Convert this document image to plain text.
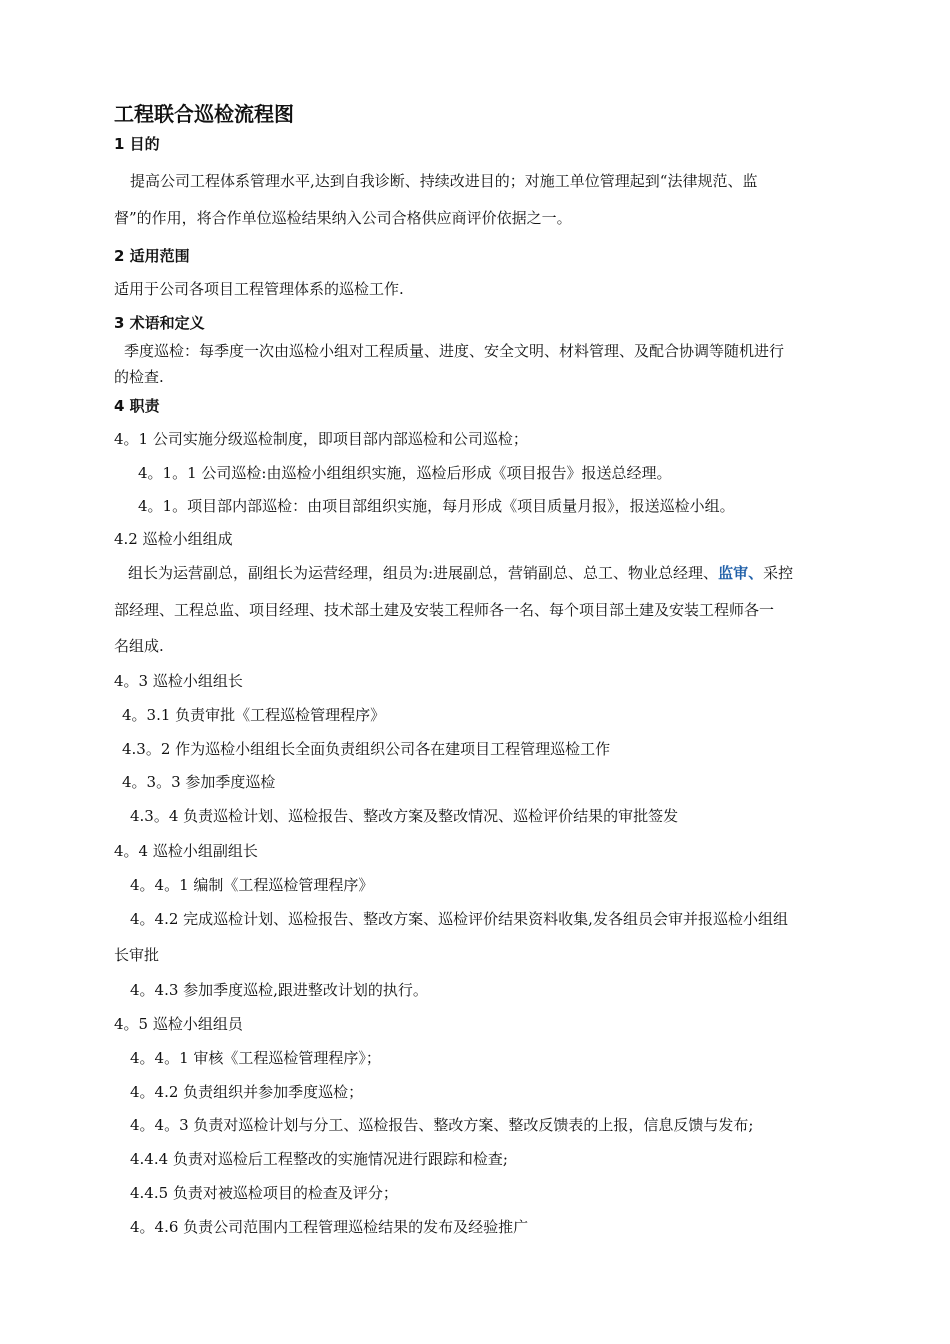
工程联合巡检流程图
1 目的
提高公司工程体系管理水平,达到自我诊断、持续改进目的；对施工单位管理起到“法律规范、监
督”的作用，将合作单位巡检结果纳入公司合格供应商评价依据之一。
2 适用范围
适用于公司各项目工程管理体系的巡检工作.
3 术语和定义
季度巡检：每季度一次由巡检小组对工程质量、进度、安全文明、材料管理、及配合协调等随机进行
的检查.
4 职责
4。1 公司实施分级巡检制度，即项目部内部巡检和公司巡检；
4。1。1 公司巡检:由巡检小组组织实施，巡检后形成《项目报告》报送总经理。
4。1。项目部内部巡检：由项目部组织实施，每月形成《项目质量月报》，报送巡检小组。
4.2 巡检小组组成
组长为运营副总，副组长为运营经理，组员为:进展副总，营销副总、总工、物业总经理、监审、采控
部经理、工程总监、项目经理、技术部土建及安装工程师各一名、每个项目部土建及安装工程师各一
名组成.
4。3 巡检小组组长
4。3.1 负责审批《工程巡检管理程序》
4.3。2 作为巡检小组组长全面负责组织公司各在建项目工程管理巡检工作
4。3。3 参加季度巡检
4.3。4 负责巡检计划、巡检报告、整改方案及整改情况、巡检评价结果的审批签发
4。4 巡检小组副组长
4。4。1 编制《工程巡检管理程序》
4。4.2 完成巡检计划、巡检报告、整改方案、巡检评价结果资料收集,发各组员会审并报巡检小组组
长审批
4。4.3 参加季度巡检,跟进整改计划的执行。
4。5 巡检小组组员
4。4。1 审核《工程巡检管理程序》；
4。4.2 负责组织并参加季度巡检；
4。4。3 负责对巡检计划与分工、巡检报告、整改方案、整改反馈表的上报，信息反馈与发布;
4.4.4 负责对巡检后工程整改的实施情况进行跟踪和检查;
4.4.5 负责对被巡检项目的检查及评分；
4。4.6 负责公司范围内工程管理巡检结果的发布及经验推广
